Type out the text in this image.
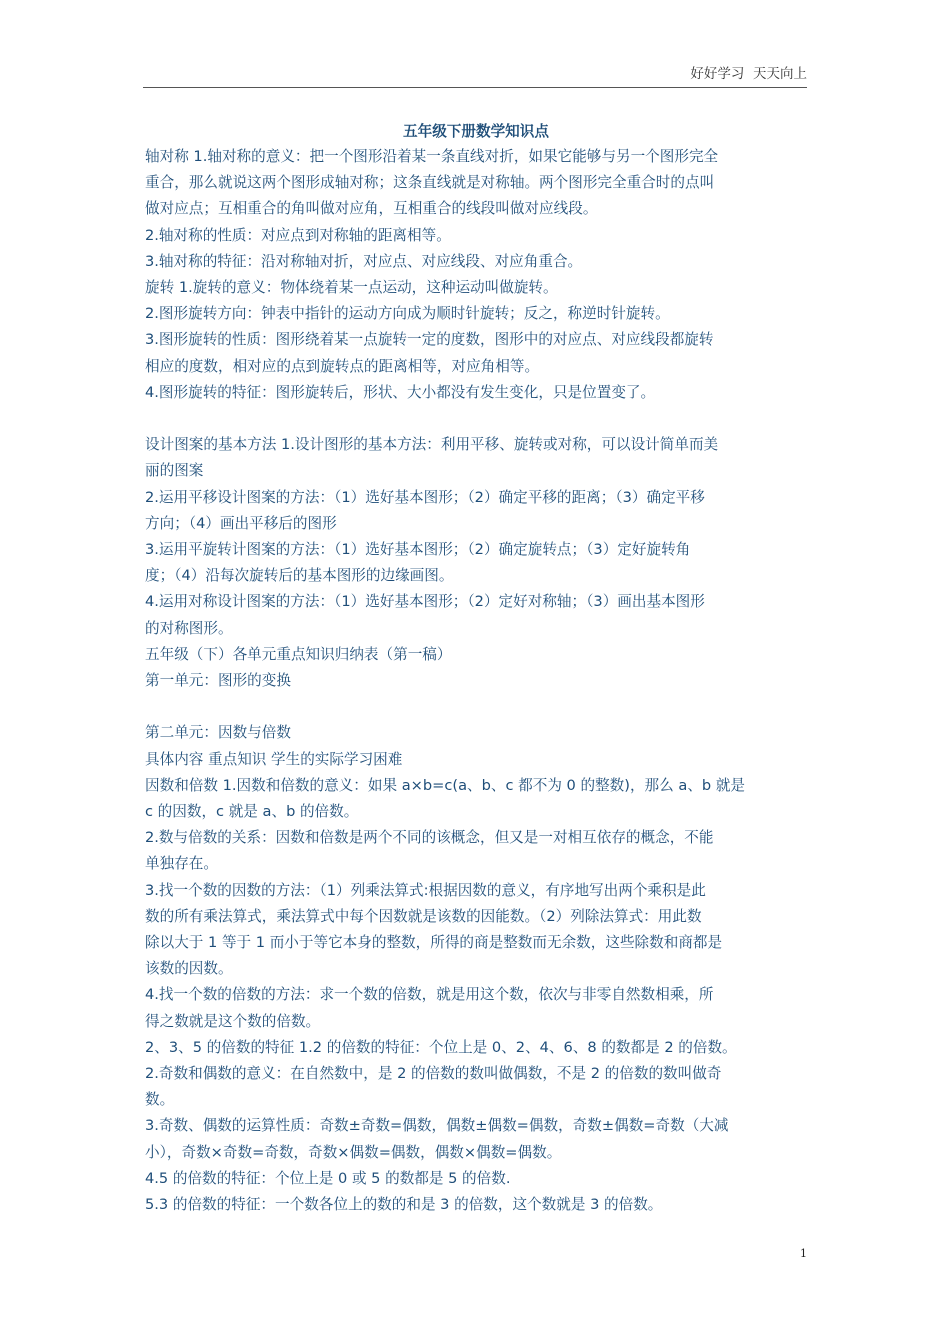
好好学习  天天向上
五年级下册数学知识点
轴对称 1.轴对称的意义：把一个图形沿着某一条直线对折，如果它能够与另一个图形完全
重合，那么就说这两个图形成轴对称；这条直线就是对称轴。两个图形完全重合时的点叫
做对应点；互相重合的角叫做对应角，互相重合的线段叫做对应线段。
2.轴对称的性质：对应点到对称轴的距离相等。
3.轴对称的特征：沿对称轴对折，对应点、对应线段、对应角重合。
旋转 1.旋转的意义：物体绕着某一点运动，这种运动叫做旋转。
2.图形旋转方向：钟表中指针的运动方向成为顺时针旋转；反之，称逆时针旋转。
3.图形旋转的性质：图形绕着某一点旋转一定的度数，图形中的对应点、对应线段都旋转
相应的度数，相对应的点到旋转点的距离相等，对应角相等。
4.图形旋转的特征：图形旋转后，形状、大小都没有发生变化，只是位置变了。
设计图案的基本方法 1.设计图形的基本方法：利用平移、旋转或对称，可以设计简单而美
丽的图案
2.运用平移设计图案的方法：（1）选好基本图形；（2）确定平移的距离；（3）确定平移
方向；（4）画出平移后的图形
3.运用平旋转计图案的方法：（1）选好基本图形；（2）确定旋转点；（3）定好旋转角
度；（4）沿每次旋转后的基本图形的边缘画图。
4.运用对称设计图案的方法：（1）选好基本图形；（2）定好对称轴；（3）画出基本图形
的对称图形。
五年级（下）各单元重点知识归纳表（第一稿）
第一单元：图形的变换
第二单元：因数与倍数
具体内容 重点知识 学生的实际学习困难
因数和倍数 1.因数和倍数的意义：如果 a×b=c(a、b、c 都不为 0 的整数)，那么 a、b 就是
c 的因数，c 就是 a、b 的倍数。
2.数与倍数的关系：因数和倍数是两个不同的该概念，但又是一对相互依存的概念，不能
单独存在。
3.找一个数的因数的方法：（1）列乘法算式:根据因数的意义，有序地写出两个乘积是此
数的所有乘法算式，乘法算式中每个因数就是该数的因能数。（2）列除法算式：用此数
除以大于 1 等于 1 而小于等它本身的整数，所得的商是整数而无余数，这些除数和商都是
该数的因数。
4.找一个数的倍数的方法：求一个数的倍数，就是用这个数，依次与非零自然数相乘，所
得之数就是这个数的倍数。
2、3、5 的倍数的特征 1.2 的倍数的特征：个位上是 0、2、4、6、8 的数都是 2 的倍数。
2.奇数和偶数的意义：在自然数中，是 2 的倍数的数叫做偶数，不是 2 的倍数的数叫做奇
数。
3.奇数、偶数的运算性质：奇数±奇数=偶数，偶数±偶数=偶数，奇数±偶数=奇数（大减
小），奇数×奇数=奇数，奇数×偶数=偶数，偶数×偶数=偶数。
4.5 的倍数的特征：个位上是 0 或 5 的数都是 5 的倍数.
5.3 的倍数的特征：一个数各位上的数的和是 3 的倍数，这个数就是 3 的倍数。
1
